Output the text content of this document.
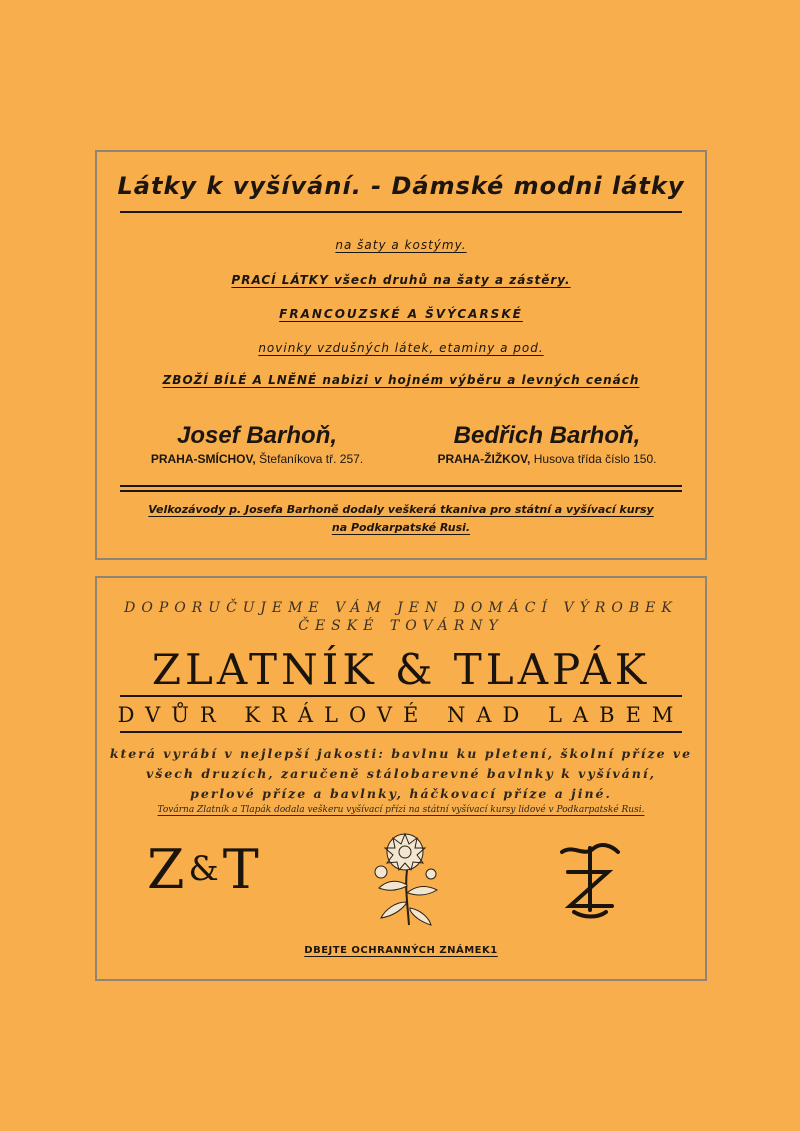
Látky k vyšívání. - Dámské modni látky
na šaty a kostýmy.
PRACÍ LÁTKY všech druhů na šaty a zástěry.
FRANCOUZSKÉ A ŠVÝCARSKÉ
novinky vzdušných látek, etaminy a pod.
ZBOŽÍ BÍLÉ A LNĚNÉ nabizi v hojném výběru a levných cenách
Josef Barhoň,
PRAHA-SMÍCHOV, Štefaníkova tř. 257.
Bedřich Barhoň,
PRAHA-ŽIŽKOV, Husova třída číslo 150.
Velkozávody p. Josefa Barhoně dodaly veškerá tkaniva pro státní a vyšívací kursy
na Podkarpatské Rusi.
DOPORUČUJEME VÁM JEN DOMÁCÍ VÝROBEK
ČESKÉ TOVÁRNY
ZLATNÍK & TLAPÁK
DVŮR KRÁLOVÉ NAD LABEM
která vyrábí v nejlepší jakosti: bavlnu ku pletení, školní příze ve
všech druzích, zaručeně stálobarevné bavlnky k vyšívání,
perlové příze a bavlnky, háčkovací příze a jiné.
Továrna Zlatník a Tlapák dodala veškeru vyšívací přízi na státní vyšívací kursy lidové v Podkarpatské Rusi.
Z &T
DBEJTE OCHRANNÝCH ZNÁMEK1
